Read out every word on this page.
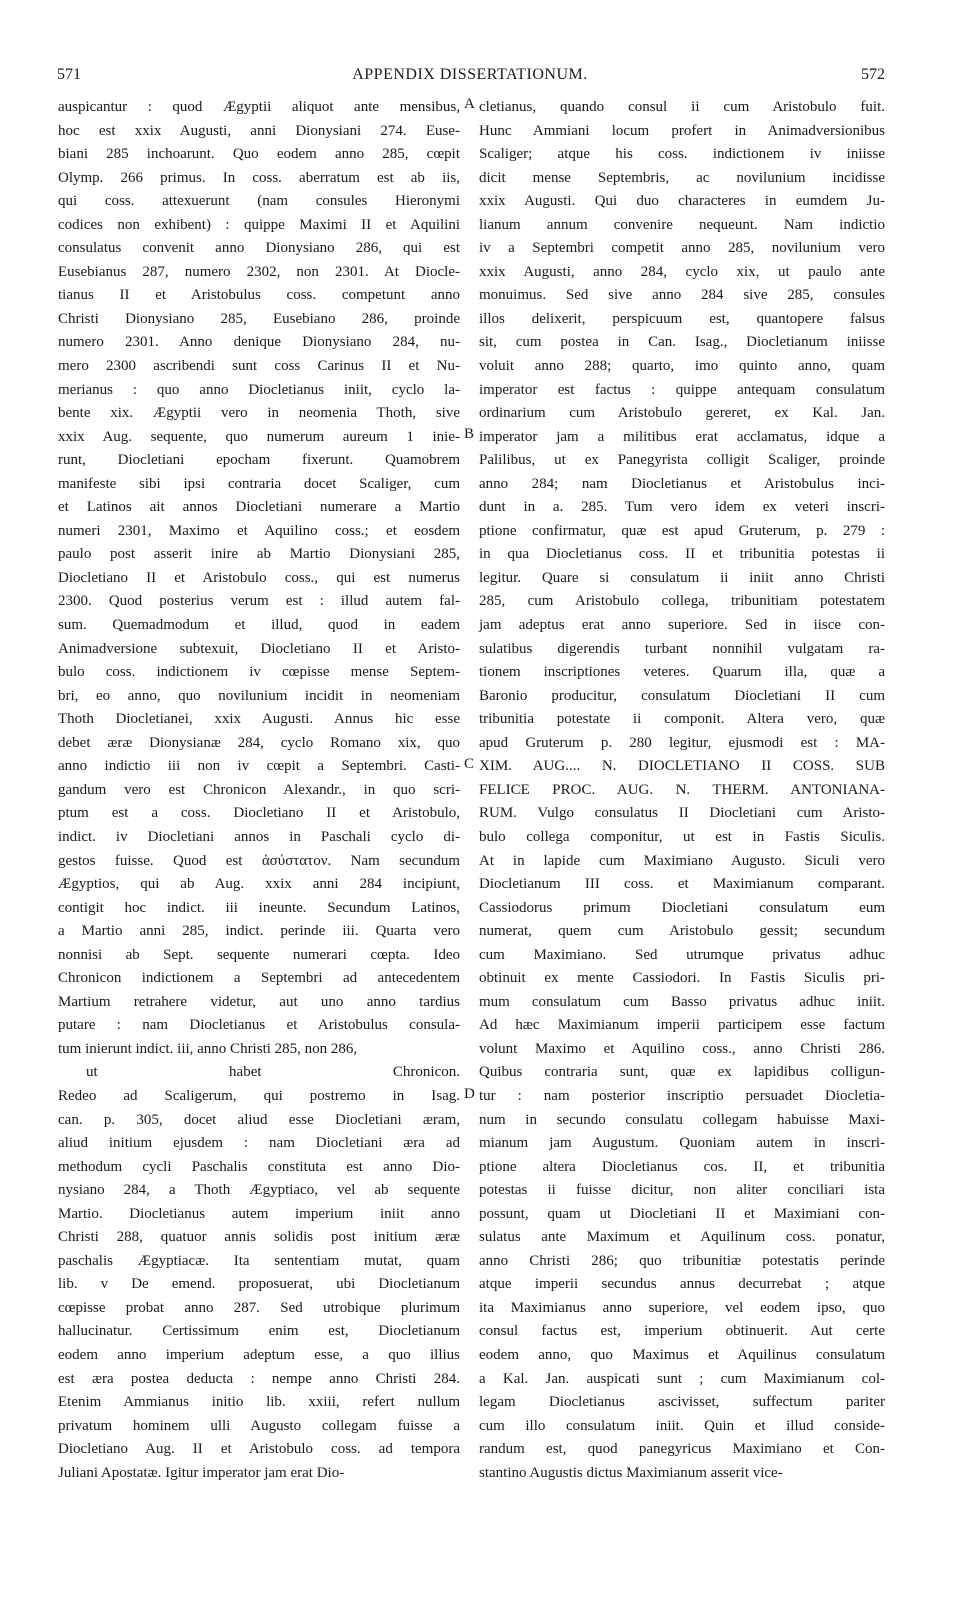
571	APPENDIX DISSERTATIONUM.	572
auspicantur : quod Ægyptii aliquot ante mensibus,
hoc est xxix Augusti, anni Dionysiani 274. Euse-
biani 285 inchoarunt. Quo eodem anno 285, cœpit
Olymp. 266 primus. In coss. aberratum est ab iis,
qui coss. attexuerunt (nam consules Hieronymi
codices non exhibent) : quippe Maximi II et Aquilini
consulatus convenit anno Dionysiano 286, qui est
Eusebianus 287, numero 2302, non 2301. At Diocle-
tianus II et Aristobulus coss. competunt anno
Christi Dionysiano 285, Eusebiano 286, proinde
numero 2301. Anno denique Dionysiano 284, nu-
mero 2300 ascribendi sunt coss Carinus II et Nu-
merianus : quo anno Diocletianus iniit, cyclo la-
bente xix. Ægyptii vero in neomenia Thoth, sive
xxix Aug. sequente, quo numerum aureum 1 inie-
runt, Diocletiani epocham fixerunt. Quamobrem
manifeste sibi ipsi contraria docet Scaliger, cum
et Latinos ait annos Diocletiani numerare a Martio
numeri 2301, Maximo et Aquilino coss.; et eosdem
paulo post asserit inire ab Martio Dionysiani 285,
Diocletiano II et Aristobulo coss., qui est numerus
2300. Quod posterius verum est : illud autem fal-
sum. Quemadmodum et illud, quod in eadem
Animadversione subtexuit, Diocletiano II et Aristo-
bulo coss. indictionem iv cœpisse mense Septem-
bri, eo anno, quo novilunium incidit in neomeniam
Thoth Diocletianei, xxix Augusti. Annus hic esse
debet æræ Dionysianæ 284, cyclo Romano xix, quo
anno indictio iii non iv cœpit a Septembri. Casti-
gandum vero est Chronicon Alexandr., in quo scri-
ptum est a coss. Diocletiano II et Aristobulo,
indict. iv Diocletiani annos in Paschali cyclo di-
gestos fuisse. Quod est ἀσύστατον. Nam secundum
Ægyptios, qui ab Aug. xxix anni 284 incipiunt,
contigit hoc indict. iii ineunte. Secundum Latinos,
a Martio anni 285, indict. perinde iii. Quarta vero
nonnisi ab Sept. sequente numerari cœpta. Ideo
Chronicon indictionem a Septembri ad antecedentem
Martium retrahere videtur, aut uno anno tardius
putare : nam Diocletianus et Aristobulus consula-
tum inierunt indict. iii, anno Christi 285, non 286,
ut habet Chronicon.
Redeo ad Scaligerum, qui postremo in Isag.
can. p. 305, docet aliud esse Diocletiani æram,
aliud initium ejusdem : nam Diocletiani æra ad
methodum cycli Paschalis constituta est anno Dio-
nysiano 284, a Thoth Ægyptiaco, vel ab sequente
Martio. Diocletianus autem imperium iniit anno
Christi 288, quatuor annis solidis post initium æræ
paschalis Ægyptiacæ. Ita sententiam mutat, quam
lib. v De emend. proposuerat, ubi Diocletianum
cœpisse probat anno 287. Sed utrobique plurimum
hallucinatur. Certissimum enim est, Diocletianum
eodem anno imperium adeptum esse, a quo illius
est æra postea deducta : nempe anno Christi 284.
Etenim Ammianus initio lib. xxiii, refert nullum
privatum hominem ulli Augusto collegam fuisse a
Diocletiano Aug. II et Aristobulo coss. ad tempora
Juliani Apostatæ. Igitur imperator jam erat Dio-
cletianus, quando consul ii cum Aristobulo fuit.
Hunc Ammiani locum profert in Animadversionibus
Scaliger; atque his coss. indictionem iv iniisse
dicit mense Septembris, ac novilunium incidisse
xxix Augusti. Qui duo characteres in eumdem Ju-
lianum annum convenire nequeunt. Nam indictio
iv a Septembri competit anno 285, novilunium vero
xxix Augusti, anno 284, cyclo xix, ut paulo ante
monuimus. Sed sive anno 284 sive 285, consules
illos delixerit, perspicuum est, quantopere falsus
sit, cum postea in Can. Isag., Diocletianum iniisse
voluit anno 288; quarto, imo quinto anno, quam
imperator est factus : quippe antequam consulatum
ordinarium cum Aristobulo gereret, ex Kal. Jan.
imperator jam a militibus erat acclamatus, idque a
Palilibus, ut ex Panegyrista colligit Scaliger, proinde
anno 284; nam Diocletianus et Aristobulus inci-
dunt in a. 285. Tum vero idem ex veteri inscri-
ptione confirmatur, quæ est apud Gruterum, p. 279 :
in qua Diocletianus coss. II et tribunitia potestas ii
legitur. Quare si consulatum ii iniit anno Christi
285, cum Aristobulo collega, tribunitiam potestatem
jam adeptus erat anno superiore. Sed in iisce con-
sulatibus digerendis turbant nonnihil vulgatam ra-
tionem inscriptiones veteres. Quarum illa, quæ a
Baronio producitur, consulatum Diocletiani II cum
tribunitia potestate ii componit. Altera vero, quæ
apud Gruterum p. 280 legitur, ejusmodi est : MA-
XIM. AUG.... N. DIOCLETIANO II COSS. SUB
FELICE PROC. AUG. N. THERM. ANTONIANA-
RUM. Vulgo consulatus II Diocletiani cum Aristo-
bulo collega componitur, ut est in Fastis Siculis.
At in lapide cum Maximiano Augusto. Siculi vero
Diocletianum III coss. et Maximianum comparant.
Cassiodorus primum Diocletiani consulatum eum
numerat, quem cum Aristobulo gessit; secundum
cum Maximiano. Sed utrumque privatus adhuc
obtinuit ex mente Cassiodori. In Fastis Siculis pri-
mum consulatum cum Basso privatus adhuc iniit.
Ad hæc Maximianum imperii participem esse factum
volunt Maximo et Aquilino coss., anno Christi 286.
Quibus contraria sunt, quæ ex lapidibus colligun-
tur : nam posterior inscriptio persuadet Diocletia-
num in secundo consulatu collegam habuisse Maxi-
mianum jam Augustum. Quoniam autem in inscri-
ptione altera Diocletianus cos. II, et tribunitia
potestas ii fuisse dicitur, non aliter conciliari ista
possunt, quam ut Diocletiani II et Maximiani con-
sulatus ante Maximum et Aquilinum coss. ponatur,
anno Christi 286; quo tribunitiæ potestatis perinde
atque imperii secundus annus decurrebat ; atque
ita Maximianus anno superiore, vel eodem ipso, quo
consul factus est, imperium obtinuerit. Aut certe
eodem anno, quo Maximus et Aquilinus consulatum
a Kal. Jan. auspicati sunt ; cum Maximianum col-
legam Diocletianus ascivisset, suffectum pariter
cum illo consulatum iniit. Quin et illud conside-
randum est, quod panegyricus Maximiano et Con-
stantino Augustis dictus Maximianum asserit vice-
A
B
C
D
